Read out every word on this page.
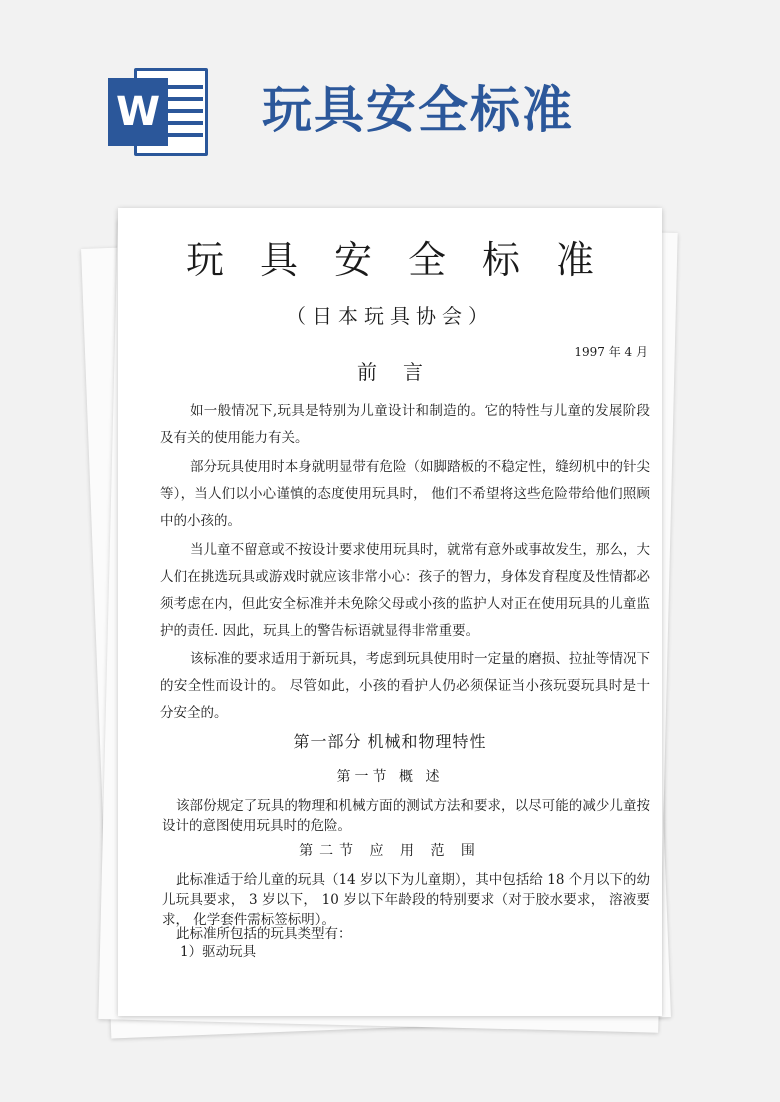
W 玩具安全标准
玩具安全标准
（日本玩具协会）
1997 年 4 月
前言

如一般情况下,玩具是特别为儿童设计和制造的。它的特性与儿童的发展阶段及有关的使用能力有关。

部分玩具使用时本身就明显带有危险（如脚踏板的不稳定性，缝纫机中的针尖等），当人们以小心谨慎的态度使用玩具时， 他们不希望将这些危险带给他们照顾中的小孩的。

当儿童不留意或不按设计要求使用玩具时，就常有意外或事故发生，那么，大人们在挑选玩具或游戏时就应该非常小心：孩子的智力，身体发育程度及性情都必须考虑在内，但此安全标准并未免除父母或小孩的监护人对正在使用玩具的儿童监护的责任. 因此，玩具上的警告标语就显得非常重要。

该标准的要求适用于新玩具，考虑到玩具使用时一定量的磨损、拉扯等情况下的安全性而设计的。 尽管如此，小孩的看护人仍必须保证当小孩玩耍玩具时是十分安全的。

第一部分 机械和物理特性
第一节 概 述

该部份规定了玩具的物理和机械方面的测试方法和要求，以尽可能的减少儿童按设计的意图使用玩具时的危险。

第二节 应 用 范 围

此标准适于给儿童的玩具（14 岁以下为儿童期），其中包括给 18 个月以下的幼儿玩具要求， 3 岁以下， 10 岁以下年龄段的特别要求（对于胶水要求， 溶液要求， 化学套件需标签标明）。

此标准所包括的玩具类型有：
1）驱动玩具
